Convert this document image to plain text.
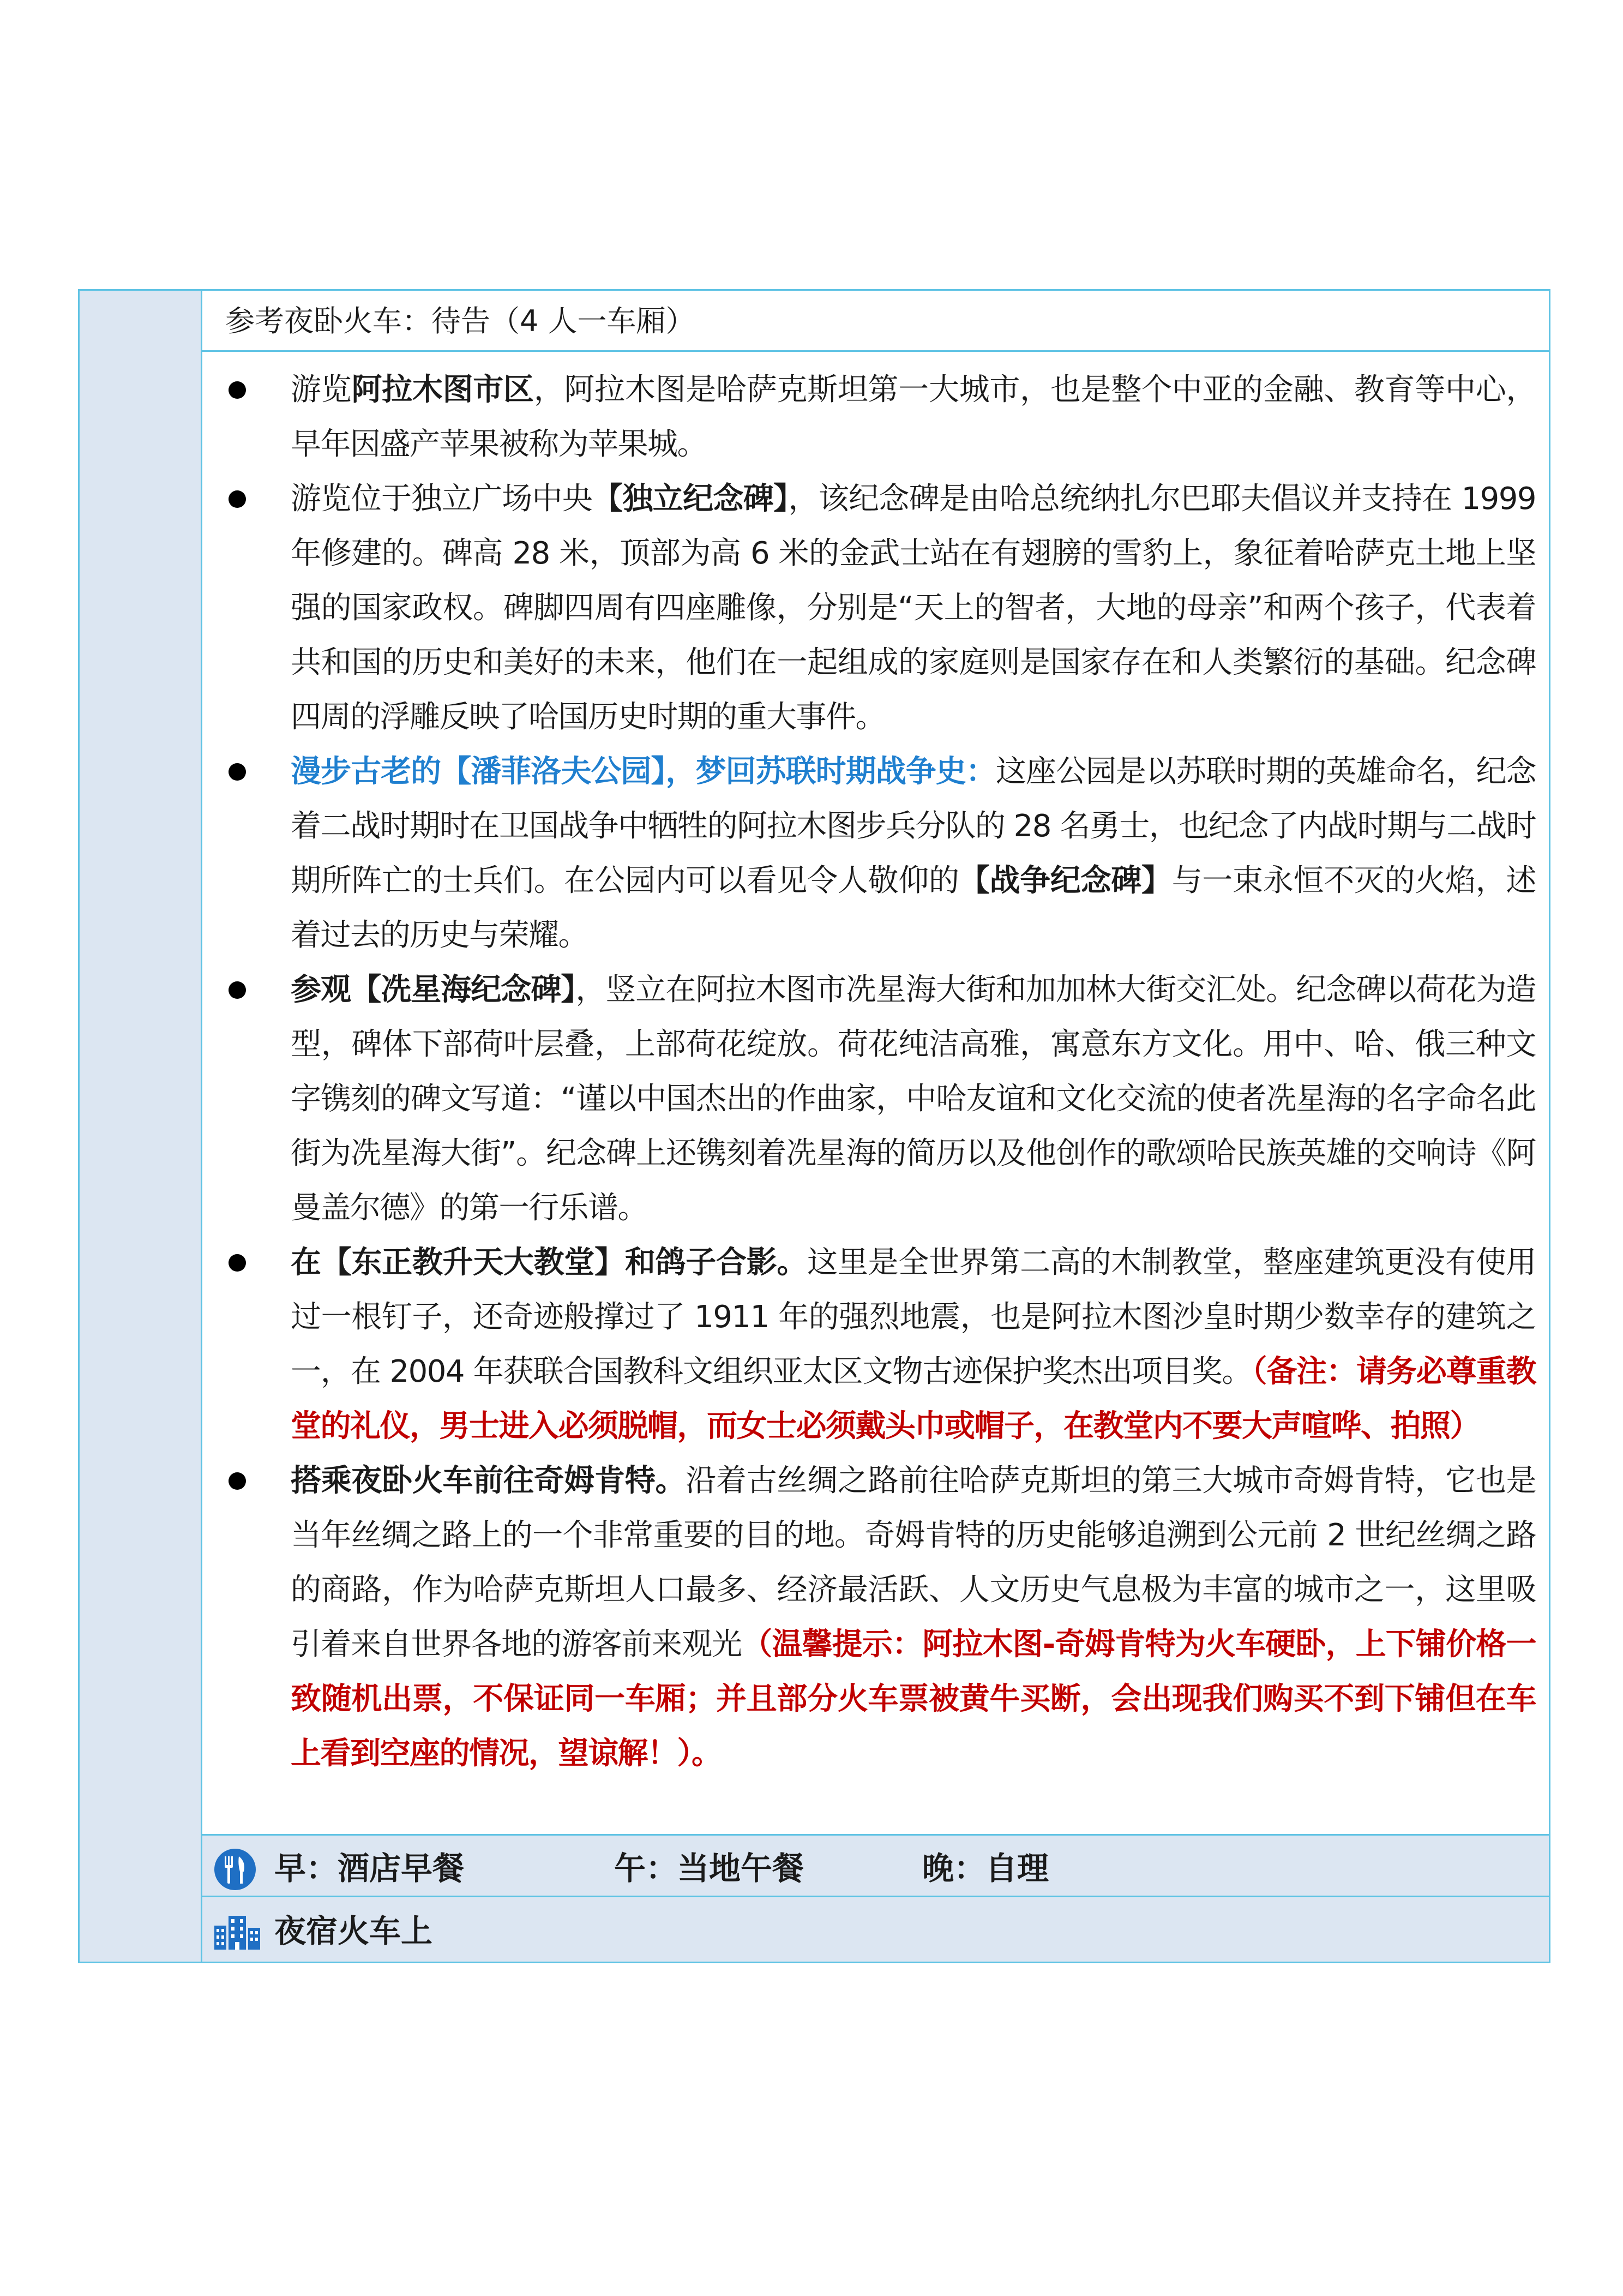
参考夜卧火车：待告（4 人一车厢）
游览阿拉木图市区，阿拉木图是哈萨克斯坦第一大城市，也是整个中亚的金融、教育等中心，早年因盛产苹果被称为苹果城。
游览位于独立广场中央【独立纪念碑】，该纪念碑是由哈总统纳扎尔巴耶夫倡议并支持在 1999 年修建的。碑高 28 米，顶部为高 6 米的金武士站在有翅膀的雪豹上，象征着哈萨克土地上坚强的国家政权。碑脚四周有四座雕像，分别是“天上的智者，大地的母亲”和两个孩子，代表着共和国的历史和美好的未来，他们在一起组成的家庭则是国家存在和人类繁衍的基础。纪念碑四周的浮雕反映了哈国历史时期的重大事件。
漫步古老的【潘菲洛夫公园】，梦回苏联时期战争史：这座公园是以苏联时期的英雄命名，纪念着二战时期时在卫国战争中牺牲的阿拉木图步兵分队的 28 名勇士，也纪念了内战时期与二战时期所阵亡的士兵们。在公园内可以看见令人敬仰的【战争纪念碑】与一束永恒不灭的火焰，述着过去的历史与荣耀。
参观【冼星海纪念碑】，竖立在阿拉木图市冼星海大街和加加林大街交汇处。纪念碑以荷花为造型，碑体下部荷叶层叠，上部荷花绽放。荷花纯洁高雅，寓意东方文化。用中、哈、俄三种文字镌刻的碑文写道：“谨以中国杰出的作曲家，中哈友谊和文化交流的使者冼星海的名字命名此街为冼星海大街”。纪念碑上还镌刻着冼星海的简历以及他创作的歌颂哈民族英雄的交响诗《阿曼盖尔德》的第一行乐谱。
在【东正教升天大教堂】和鸽子合影。这里是全世界第二高的木制教堂，整座建筑更没有使用过一根钉子，还奇迹般撑过了 1911 年的强烈地震，也是阿拉木图沙皇时期少数幸存的建筑之一，在 2004 年获联合国教科文组织亚太区文物古迹保护奖杰出项目奖。（备注：请务必尊重教堂的礼仪，男士进入必须脱帽，而女士必须戴头巾或帽子，在教堂内不要大声喧哗、拍照）
搭乘夜卧火车前往奇姆肯特。沿着古丝绸之路前往哈萨克斯坦的第三大城市奇姆肯特，它也是当年丝绸之路上的一个非常重要的目的地。奇姆肯特的历史能够追溯到公元前 2 世纪丝绸之路的商路，作为哈萨克斯坦人口最多、经济最活跃、人文历史气息极为丰富的城市之一，这里吸引着来自世界各地的游客前来观光（温馨提示：阿拉木图-奇姆肯特为火车硬卧，上下铺价格一致随机出票，不保证同一车厢；并且部分火车票被黄牛买断，会出现我们购买不到下铺但在车上看到空座的情况，望谅解！）。
早：酒店早餐	午：当地午餐	晚：自理
夜宿火车上
